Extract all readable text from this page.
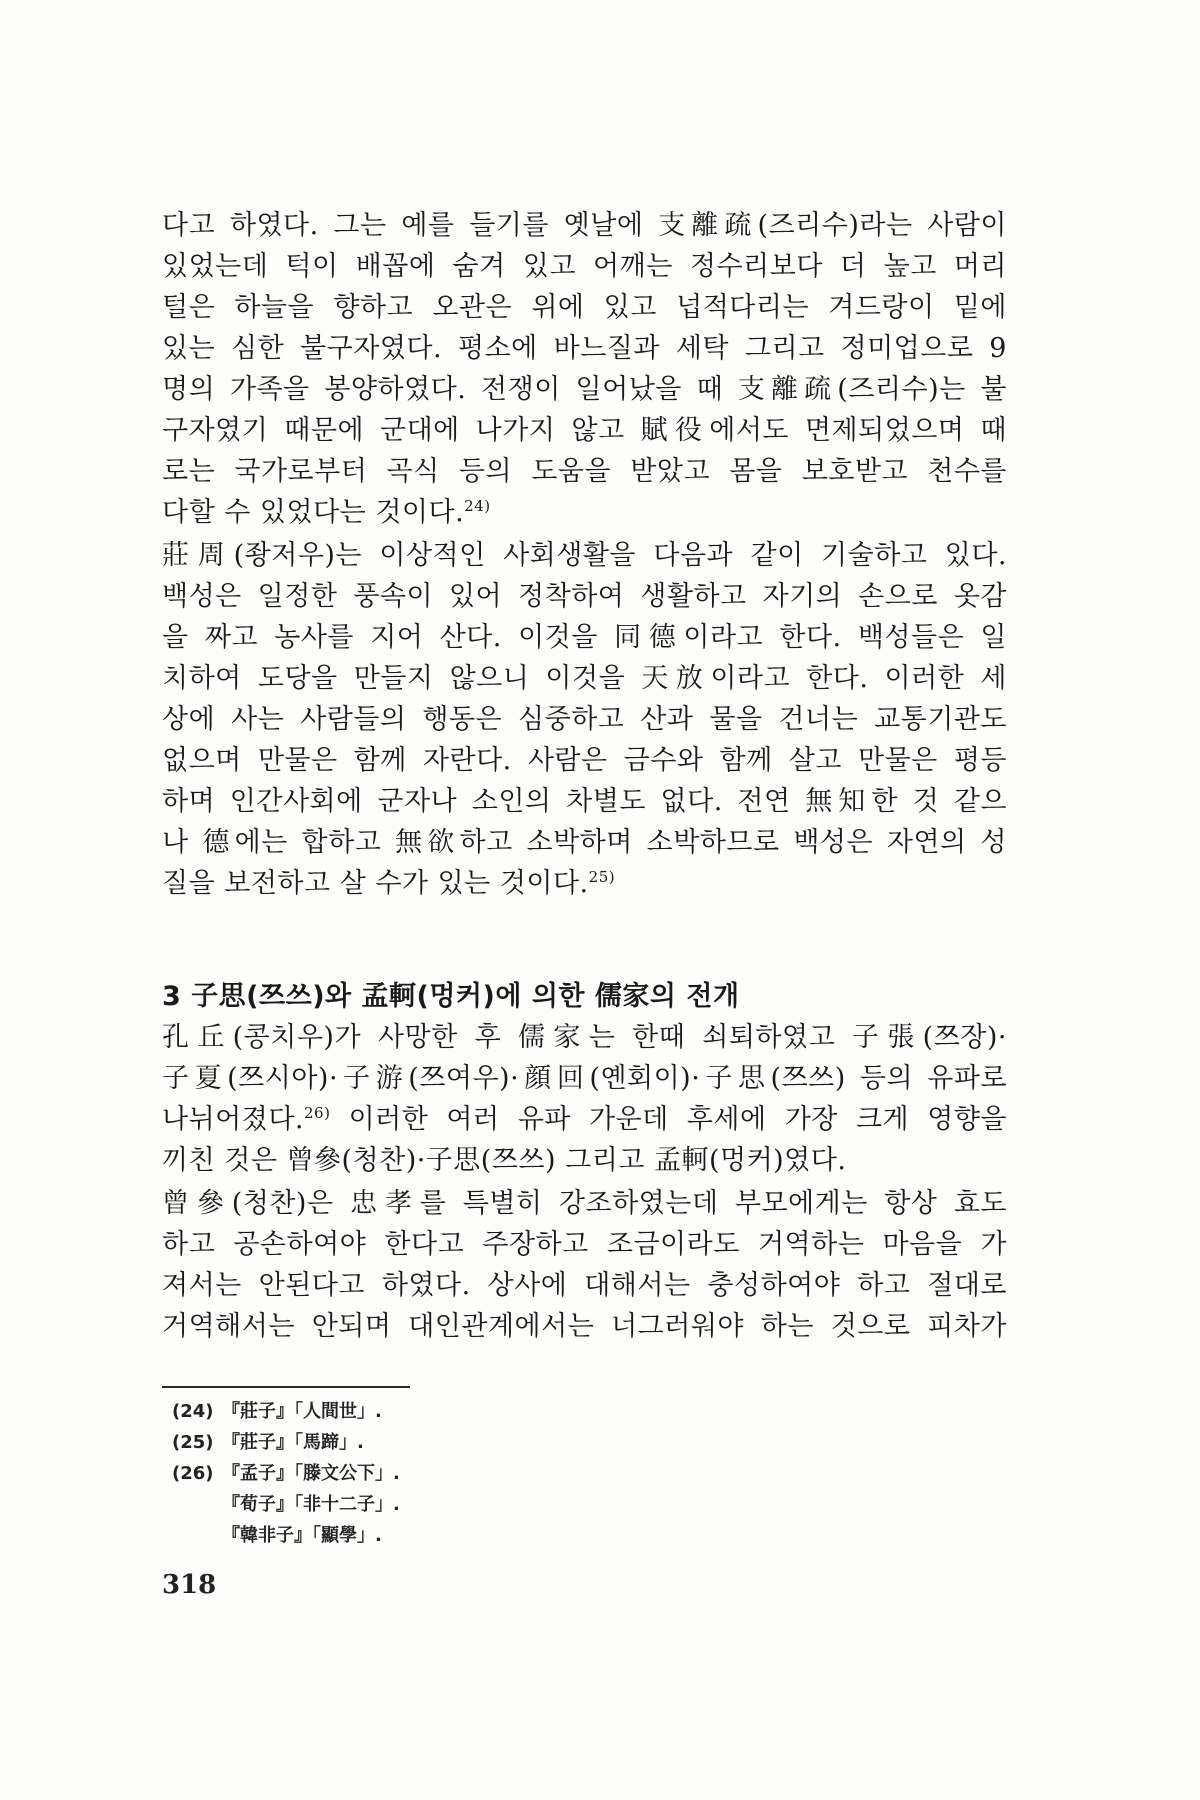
다고 하였다. 그는 예를 들기를 옛날에 支離疏(즈리수)라는 사람이
있었는데 턱이 배꼽에 숨겨 있고 어깨는 정수리보다 더 높고 머리
털은 하늘을 향하고 오관은 위에 있고 넙적다리는 겨드랑이 밑에
있는 심한 불구자였다. 평소에 바느질과 세탁 그리고 정미업으로 9
명의 가족을 봉양하였다. 전쟁이 일어났을 때 支離疏(즈리수)는 불
구자였기 때문에 군대에 나가지 않고 賦役에서도 면제되었으며 때
로는 국가로부터 곡식 등의 도움을 받았고 몸을 보호받고 천수를
다할 수 있었다는 것이다.$^{24)}$
莊周(좡저우)는 이상적인 사회생활을 다음과 같이 기술하고 있다.
백성은 일정한 풍속이 있어 정착하여 생활하고 자기의 손으로 옷감
을 짜고 농사를 지어 산다. 이것을 同德이라고 한다. 백성들은 일
치하여 도당을 만들지 않으니 이것을 天放이라고 한다. 이러한 세
상에 사는 사람들의 행동은 심중하고 산과 물을 건너는 교통기관도
없으며 만물은 함께 자란다. 사람은 금수와 함께 살고 만물은 평등
하며 인간사회에 군자나 소인의 차별도 없다. 전연 無知한 것 같으
나 德에는 합하고 無欲하고 소박하며 소박하므로 백성은 자연의 성
질을 보전하고 살 수가 있는 것이다.$^{25)}$
3 子思(쯔쓰)와 孟軻(멍커)에 의한 儒家의 전개
孔丘(콩치우)가 사망한 후 儒家는 한때 쇠퇴하였고 子張(쯔장)·
子夏(쯔시아)·子游(쯔여우)·顔回(옌회이)·子思(쯔쓰) 등의 유파로
나뉘어졌다.$^{26)}$ 이러한 여러 유파 가운데 후세에 가장 크게 영향을
끼친 것은 曾參(청찬)·子思(쯔쓰) 그리고 孟軻(멍커)였다.
曾參(청찬)은 忠孝를 특별히 강조하였는데 부모에게는 항상 효도
하고 공손하여야 한다고 주장하고 조금이라도 거역하는 마음을 가
져서는 안된다고 하였다. 상사에 대해서는 충성하여야 하고 절대로
거역해서는 안되며 대인관계에서는 너그러워야 하는 것으로 피차가
(24) 『莊子』「人間世」.
(25) 『莊子』「馬蹄」.
(26) 『孟子』「滕文公下」.
『荀子』「非十二子」.
『韓非子』「顯學」.
318
